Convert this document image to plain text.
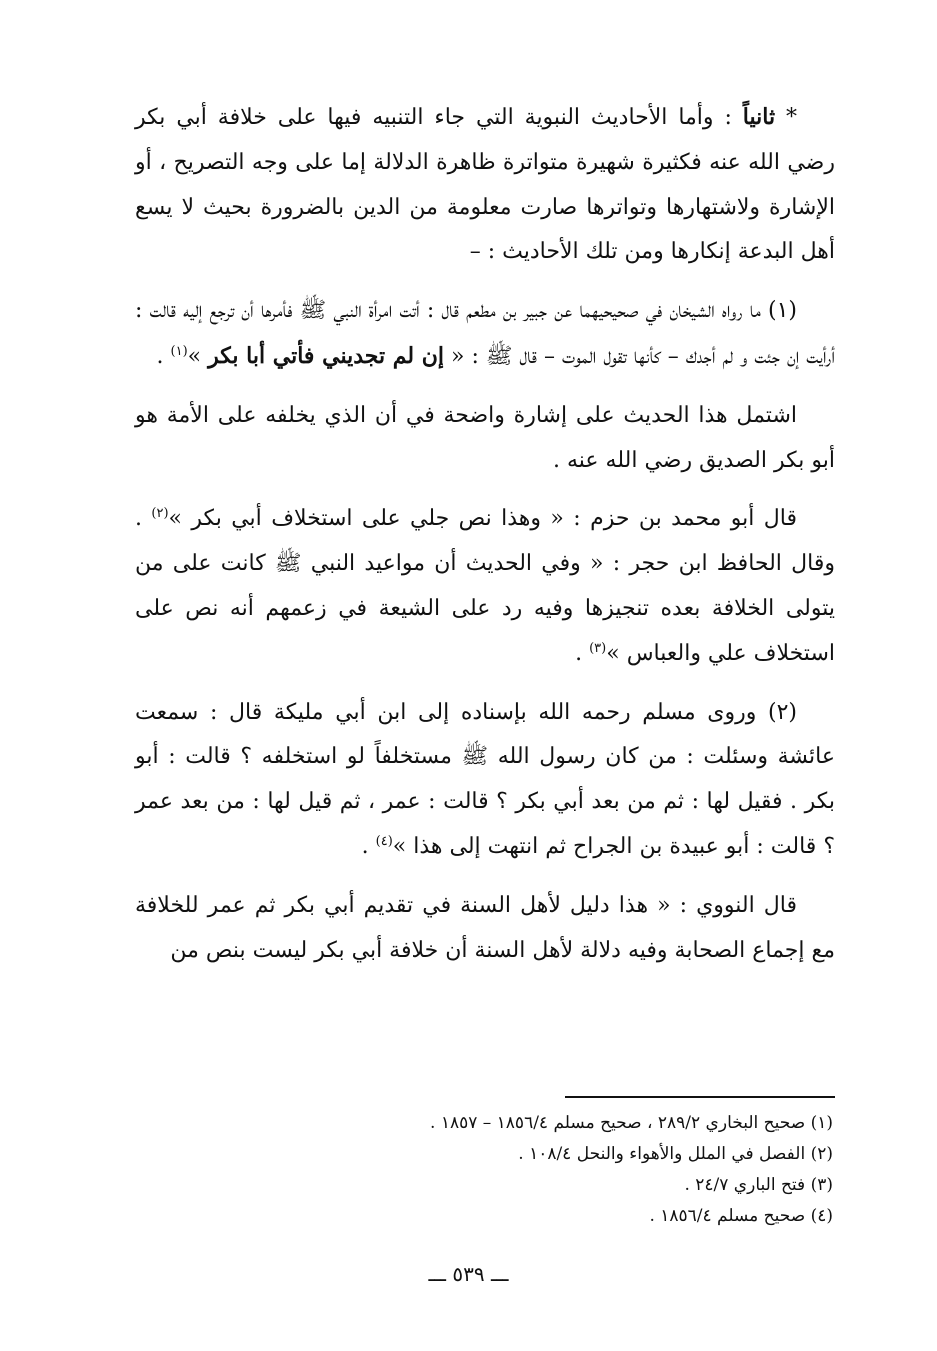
* ثانياً : وأما الأحاديث النبوية التي جاء التنبيه فيها على خلافة أبي بكر رضي الله عنه فكثيرة شهيرة متواترة ظاهرة الدلالة إما على وجه التصريح ، أو الإشارة ولاشتهارها وتواترها صارت معلومة من الدين بالضرورة بحيث لا يسع أهل البدعة إنكارها ومن تلك الأحاديث : –

(١) ما رواه الشيخان في صحيحيهما عن جبير بن مطعم قال : أتت امرأة النبي ﷺ فأمرها أن ترجع إليه قالت : أرأيت إن جئت و لم أجدك – كأنها تقول الموت – قال ﷺ : « إن لم تجديني فأتي أبا بكر »$^{(١)}$ .

اشتمل هذا الحديث على إشارة واضحة في أن الذي يخلفه على الأمة هو أبو بكر الصديق رضي الله عنه .

قال أبو محمد بن حزم : « وهذا نص جلي على استخلاف أبي بكر »$^{(٢)}$ . وقال الحافظ ابن حجر : « وفي الحديث أن مواعيد النبي ﷺ كانت على من يتولى الخلافة بعده تنجيزها وفيه رد على الشيعة في زعمهم أنه نص على استخلاف علي والعباس »$^{(٣)}$ .

(٢) وروى مسلم رحمه الله بإسناده إلى ابن أبي مليكة قال : سمعت عائشة وسئلت : من كان رسول الله ﷺ مستخلفاً لو استخلفه ؟ قالت : أبو بكر . فقيل لها : ثم من بعد أبي بكر ؟ قالت : عمر ، ثم قيل لها : من بعد عمر ؟ قالت : أبو عبيدة بن الجراح ثم انتهت إلى هذا »$^{(٤)}$ .

قال النووي : « هذا دليل لأهل السنة في تقديم أبي بكر ثم عمر للخلافة مع إجماع الصحابة وفيه دلالة لأهل السنة أن خلافة أبي بكر ليست بنص من

(١) صحيح البخاري ٢٨٩/٢ ، صحيح مسلم ١٨٥٦/٤ – ١٨٥٧ .

(٢) الفصل في الملل والأهواء والنحل ١٠٨/٤ .

(٣) فتح الباري ٢٤/٧ .

(٤) صحيح مسلم ١٨٥٦/٤ .

ـــ ٥٣٩ ـــ
